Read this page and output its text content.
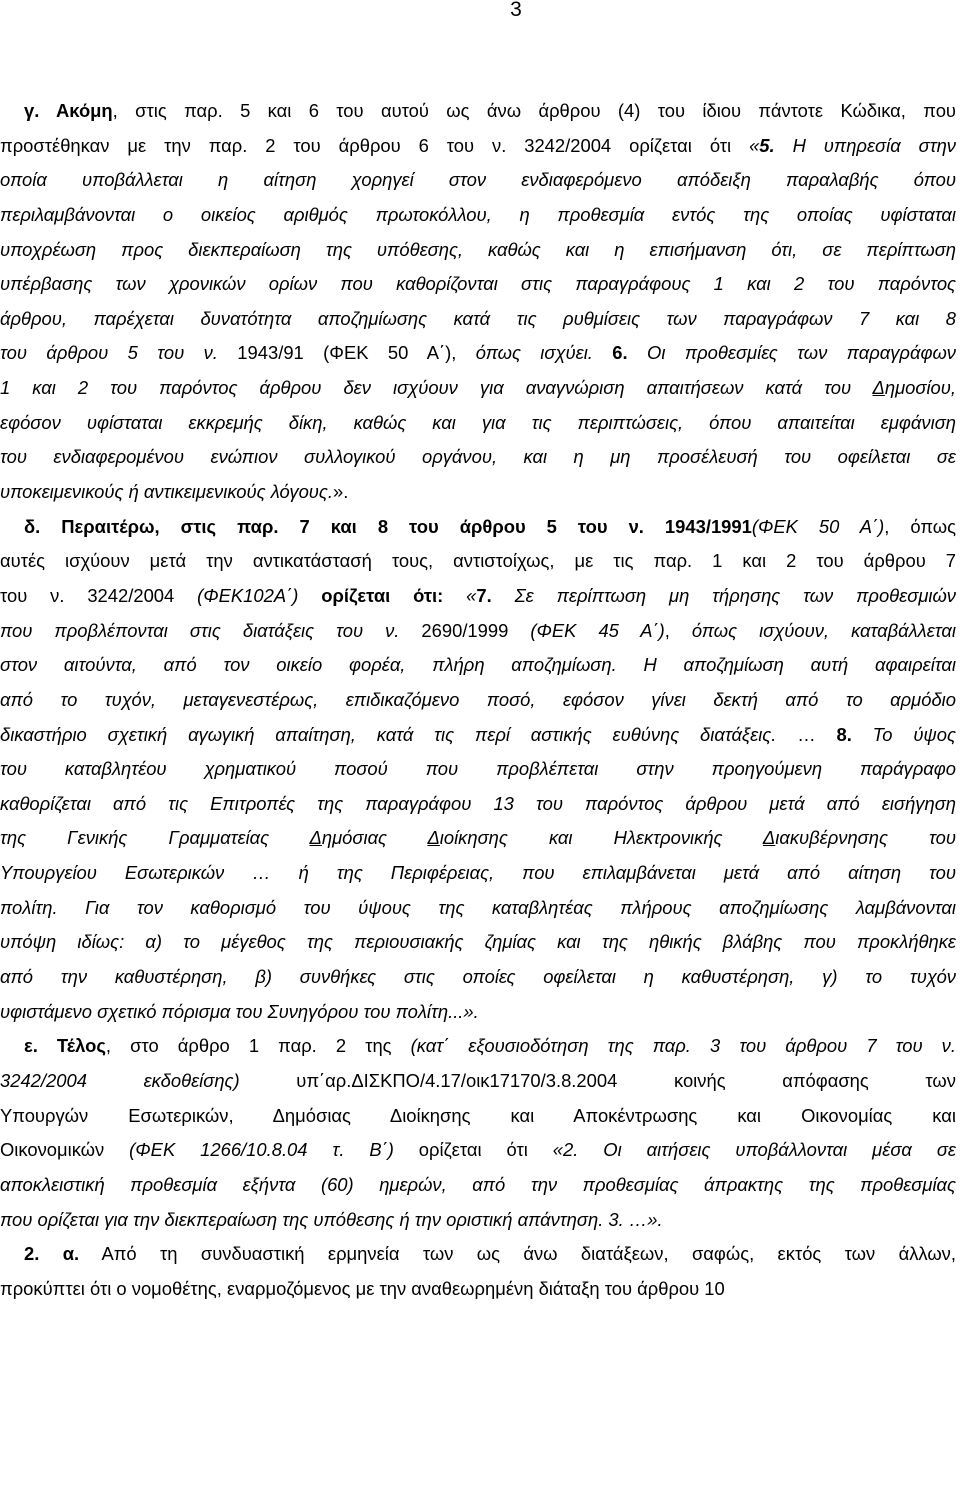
3
γ. Ακόμη, στις παρ. 5 και 6 του αυτού ως άνω άρθρου (4) του ίδιου πάντοτε Κώδικα, που
προστέθηκαν με την παρ. 2 του άρθρου 6 του ν. 3242/2004 ορίζεται ότι «5. Η υπηρεσία στην
οποία υποβάλλεται η αίτηση χορηγεί στον ενδιαφερόμενο απόδειξη παραλαβής όπου
περιλαμβάνονται ο οικείος αριθμός πρωτοκόλλου, η προθεσμία εντός της οποίας υφίσταται
υποχρέωση προς διεκπεραίωση της υπόθεσης, καθώς και η επισήμανση ότι, σε περίπτωση
υπέρβασης των χρονικών ορίων που καθορίζονται στις παραγράφους 1 και 2 του παρόντος
άρθρου, παρέχεται δυνατότητα αποζημίωσης κατά τις ρυθμίσεις των παραγράφων 7 και 8
του άρθρου 5 του ν. 1943/91 (ΦΕΚ 50 Α΄), όπως ισχύει. 6. Οι προθεσμίες των παραγράφων
1 και 2 του παρόντος άρθρου δεν ισχύουν για αναγνώριση απαιτήσεων κατά του Δημοσίου,
εφόσον υφίσταται εκκρεμής δίκη, καθώς και για τις περιπτώσεις, όπου απαιτείται εμφάνιση
του ενδιαφερομένου ενώπιον συλλογικού οργάνου, και η μη προσέλευσή του οφείλεται σε
υποκειμενικούς ή αντικειμενικούς λόγους.».
δ. Περαιτέρω, στις παρ. 7 και 8 του άρθρου 5 του ν. 1943/1991(ΦΕΚ 50 Α΄), όπως
αυτές ισχύουν μετά την αντικατάστασή τους, αντιστοίχως, με τις παρ. 1 και 2 του άρθρου 7
του ν. 3242/2004 (ΦΕΚ102Α΄) ορίζεται ότι: «7. Σε περίπτωση μη τήρησης των προθεσμιών
που προβλέπονται στις διατάξεις του ν. 2690/1999 (ΦΕΚ 45 Α΄), όπως ισχύουν, καταβάλλεται
στον αιτούντα, από τον οικείο φορέα, πλήρη αποζημίωση. Η αποζημίωση αυτή αφαιρείται
από το τυχόν, μεταγενεστέρως, επιδικαζόμενο ποσό, εφόσον γίνει δεκτή από το αρμόδιο
δικαστήριο σχετική αγωγική απαίτηση, κατά τις περί αστικής ευθύνης διατάξεις. … 8. Το ύψος
του καταβλητέου χρηματικού ποσού που προβλέπεται στην προηγούμενη παράγραφο
καθορίζεται από τις Επιτροπές της παραγράφου 13 του παρόντος άρθρου μετά από εισήγηση
της Γενικής Γραμματείας Δημόσιας Διοίκησης και Ηλεκτρονικής Διακυβέρνησης του
Υπουργείου Εσωτερικών … ή της Περιφέρειας, που επιλαμβάνεται μετά από αίτηση του
πολίτη. Για τον καθορισμό του ύψους της καταβλητέας πλήρους αποζημίωσης λαμβάνονται
υπόψη ιδίως: α) το μέγεθος της περιουσιακής ζημίας και της ηθικής βλάβης που προκλήθηκε
από την καθυστέρηση, β) συνθήκες στις οποίες οφείλεται η καθυστέρηση, γ) το τυχόν
υφιστάμενο σχετικό πόρισμα του Συνηγόρου του πολίτη...».
ε. Τέλος, στο άρθρο 1 παρ. 2 της (κατ΄ εξουσιοδότηση της παρ. 3 του άρθρου 7 του ν.
3242/2004 εκδοθείσης) υπ΄αρ.ΔΙΣΚΠΟ/4.17/οικ17170/3.8.2004 κοινής απόφασης των
Υπουργών Εσωτερικών, Δημόσιας Διοίκησης και Αποκέντρωσης και Οικονομίας και
Οικονομικών (ΦΕΚ 1266/10.8.04 τ. Β΄) ορίζεται ότι «2. Οι αιτήσεις υποβάλλονται μέσα σε
αποκλειστική προθεσμία εξήντα (60) ημερών, από την προθεσμίας άπρακτης της προθεσμίας
που ορίζεται για την διεκπεραίωση της υπόθεσης ή την οριστική απάντηση. 3. …».
2. α. Από τη συνδυαστική ερμηνεία των ως άνω διατάξεων, σαφώς, εκτός των άλλων,
προκύπτει ότι ο νομοθέτης, εναρμοζόμενος με την αναθεωρημένη διάταξη του άρθρου 10
